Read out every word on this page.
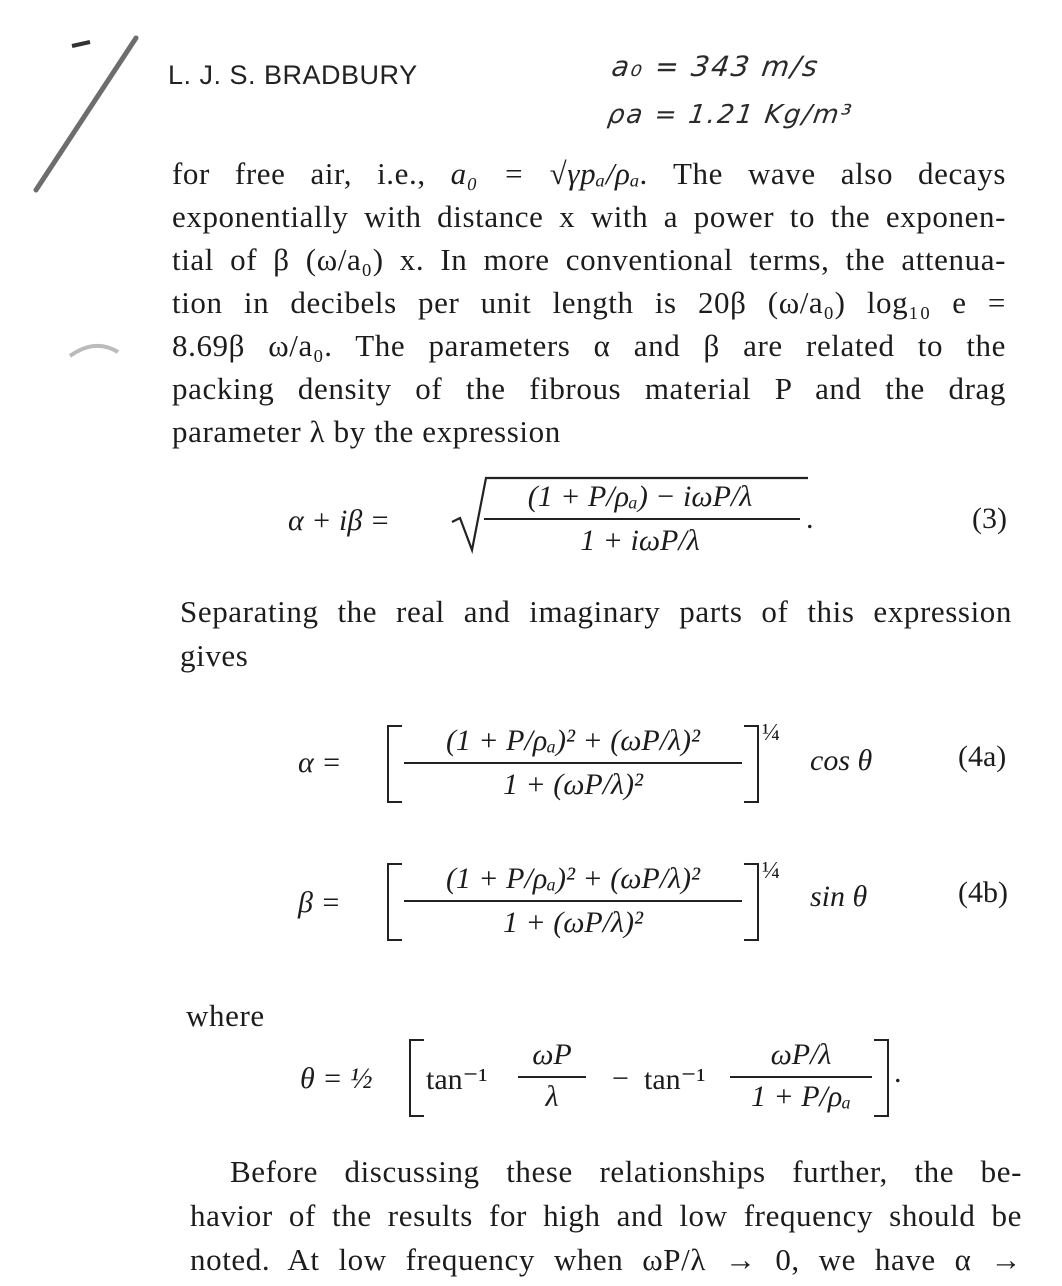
L. J. S. BRADBURY	a₀ = 343 m/s
ρa = 1.21 Kg/m³
for free air, i.e., a₀ = √γpₐ/ρₐ. The wave also decays
exponentially with distance x with a power to the exponen-
tial of β (ω/a₀) x. In more conventional terms, the attenua-
tion in decibels per unit length is 20β (ω/a₀) log₁₀ e =
8.69β ω/a₀. The parameters α and β are related to the
packing density of the fibrous material P and the drag
parameter λ by the expression
α + iβ =
(1 + P/ρₐ) − iωP/λ
1 + iωP/λ
.	(3)
Separating the real and imaginary parts of this expression
gives
α =
(1 + P/ρₐ)² + (ωP/λ)²
1 + (ωP/λ)²
¼
cos θ	(4a)
β =
(1 + P/ρₐ)² + (ωP/λ)²
1 + (ωP/λ)²
¼
sin θ	(4b)
where
θ = ½ tan⁻¹
ωP
λ
− tan⁻¹
ωP/λ
1 + P/ρₐ
.
Before discussing these relationships further, the be-
havior of the results for high and low frequency should be
noted. At low frequency when ωP/λ → 0, we have α →
